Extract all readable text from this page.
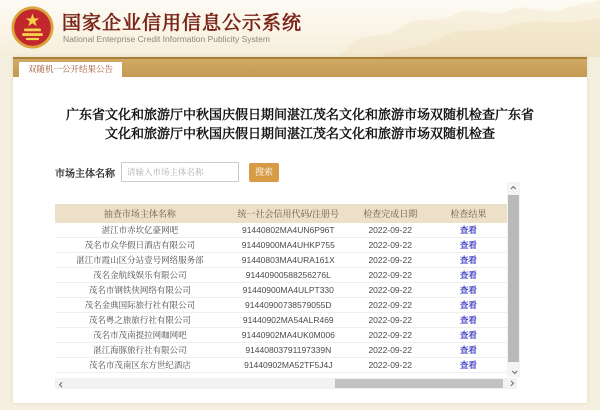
国家企业信用信息公示系统
National Enterprise Credit Information Publicity System
双随机一公开结果公告
广东省文化和旅游厅中秋国庆假日期间湛江茂名文化和旅游市场双随机检查广东省
文化和旅游厅中秋国庆假日期间湛江茂名文化和旅游市场双随机检查
市场主体名称
请输入市场主体名称	搜索
抽查市场主体名称	统一社会信用代码/注册号	检查完成日期	检查结果
湛江市赤坎亿豪网吧	91440802MA4UN6P96T	2022-09-22	查看
茂名市众华假日酒店有限公司	91440900MA4UHKP755	2022-09-22	查看
湛江市霞山区分站壹号网络服务部	91440803MA4URA161X	2022-09-22	查看
茂名金航线娱乐有限公司	91440900588256276L	2022-09-22	查看
茂名市钢铁侠网络有限公司	91440900MA4ULPT330	2022-09-22	查看
茂名金典国际旅行社有限公司	91440900738579055D	2022-09-22	查看
茂名粤之旅旅行社有限公司	91440902MA54ALR469	2022-09-22	查看
茂名市茂南提拉网咖网吧	91440902MA4UK0M006	2022-09-22	查看
湛江海豚旅行社有限公司	91440803791197339N	2022-09-22	查看
茂名市茂南区东方世纪酒店	91440902MA52TF5J4J	2022-09-22	查看
